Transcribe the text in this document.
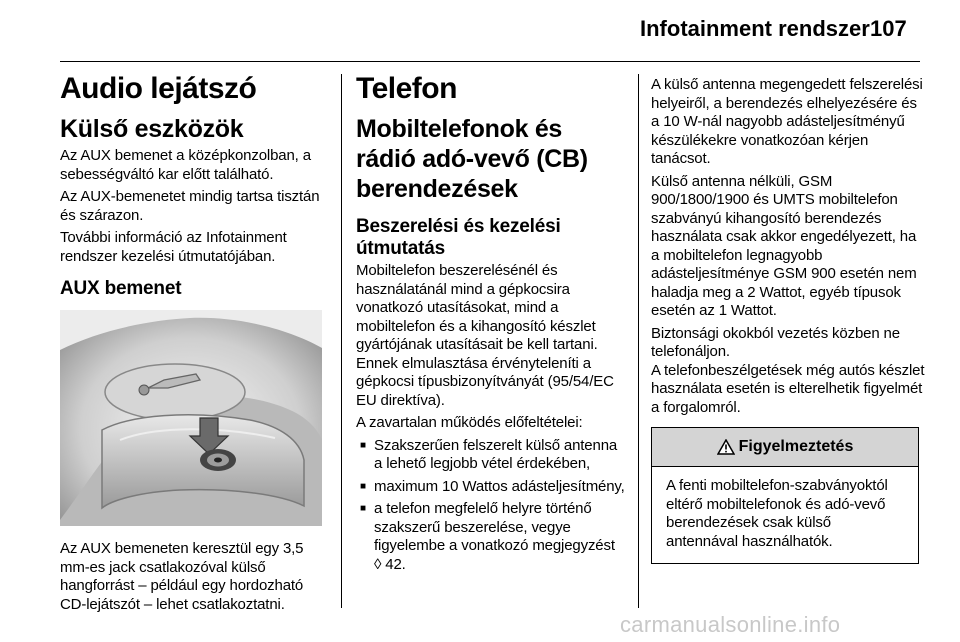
Infotainment rendszer 107
Audio lejátszó
Külső eszközök

Az AUX bemenet a középkonzolban, a sebességváltó kar előtt található.

Az AUX-bemenetet mindig tartsa tisztán és szárazon.

További információ az Infotainment rendszer kezelési útmutatójában.

AUX bemenet

Az AUX bemeneten keresztül egy 3,5 mm-es jack csatlakozóval külső hangforrást – például egy hordozható CD-lejátszót – lehet csatlakoztatni.

Telefon
Mobiltelefonok és rádió adó-vevő (CB) berendezések
Beszerelési és kezelési útmutatás

Mobiltelefon beszerelésénél és használatánál mind a gépkocsira vonatkozó utasításokat, mind a mobiltelefon és a kihangosító készlet gyártójának utasításait be kell tartani. Ennek elmulasztása érvényteleníti a gépkocsi típusbizonyítványát (95/54/EC EU direktíva).

A zavartalan működés előfeltételei:

■ Szakszerűen felszerelt külső antenna a lehető legjobb vétel érdekében,
■ maximum 10 Wattos adásteljesítmény,
■ a telefon megfelelő helyre történő szakszerű beszerelése, vegye figyelembe a vonatkozó megjegyzést ◊ 42.

A külső antenna megengedett felszerelési helyeiről, a berendezés elhelyezésére és a 10 W-nál nagyobb adásteljesítményű készülékekre vonatkozóan kérjen tanácsot.

Külső antenna nélküli, GSM 900/1800/1900 és UMTS mobiltelefon szabványú kihangosító berendezés használata csak akkor engedélyezett, ha a mobiltelefon legnagyobb adásteljesítménye GSM 900 esetén nem haladja meg a 2 Wattot, egyéb típusok esetén az 1 Wattot.

Biztonsági okokból vezetés közben ne telefonáljon.

A telefonbeszélgetések még autós készlet használata esetén is elterelhetik figyelmét a forgalomról.

Figyelmeztetés

A fenti mobiltelefon-szabványoktól eltérő mobiltelefonok és adó-vevő berendezések csak külső antennával használhatók.

carmanualsonline.info
